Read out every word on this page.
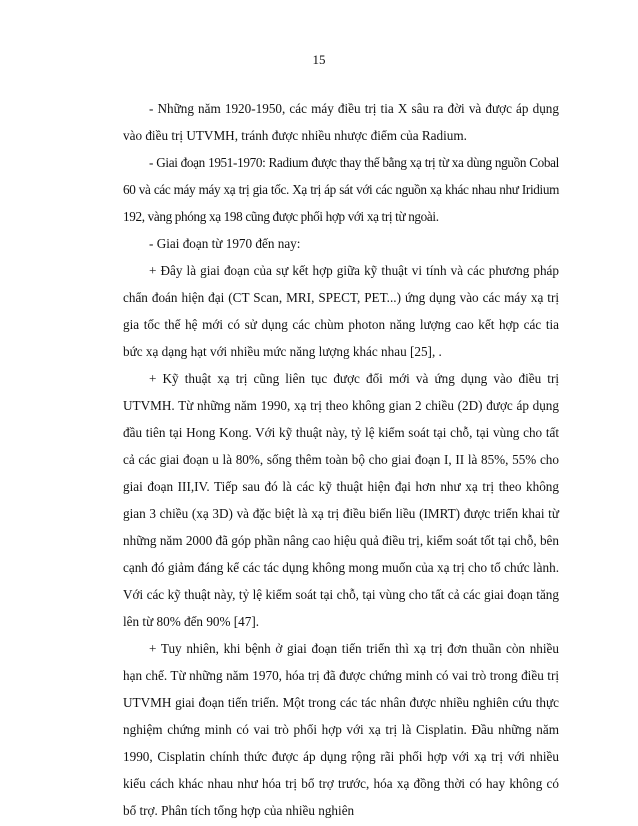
15

- Những năm 1920-1950, các máy điều trị tia X sâu ra đời và được áp dụng vào điều trị UTVMH, tránh được nhiều nhược điểm của Radium.

- Giai đoạn 1951-1970: Radium được thay thế bằng xạ trị từ xa dùng nguồn Cobal 60 và các máy máy xạ trị gia tốc. Xạ trị áp sát với các nguồn xạ khác nhau như Iridium 192, vàng phóng xạ 198 cũng được phối hợp với xạ trị từ ngoài.

- Giai đoạn từ 1970 đến nay:

+ Đây là giai đoạn của sự kết hợp giữa kỹ thuật vi tính và các phương pháp chẩn đoán hiện đại (CT Scan, MRI, SPECT, PET...) ứng dụng vào các máy xạ trị gia tốc thế hệ mới có sử dụng các chùm photon năng lượng cao kết hợp các tia bức xạ dạng hạt với nhiều mức năng lượng khác nhau [25], .

+ Kỹ thuật xạ trị cũng liên tục được đổi mới và ứng dụng vào điều trị UTVMH. Từ những năm 1990, xạ trị theo không gian 2 chiều (2D) được áp dụng đầu tiên tại Hong Kong. Với kỹ thuật này, tỷ lệ kiểm soát tại chỗ, tại vùng cho tất cả các giai đoạn u là 80%, sống thêm toàn bộ cho giai đoạn I, II là 85%, 55% cho giai đoạn III,IV. Tiếp sau đó là các kỹ thuật hiện đại hơn như xạ trị theo không gian 3 chiều (xạ 3D) và đặc biệt là xạ trị điều biến liều (IMRT) được triển khai từ những năm 2000 đã góp phần nâng cao hiệu quả điều trị, kiểm soát tốt tại chỗ, bên cạnh đó giảm đáng kể các tác dụng không mong muốn của xạ trị cho tổ chức lành. Với các kỹ thuật này, tỷ lệ kiểm soát tại chỗ, tại vùng cho tất cả các giai đoạn tăng lên từ 80% đến 90% [47].

+ Tuy nhiên, khi bệnh ở giai đoạn tiến triển thì xạ trị đơn thuần còn nhiều hạn chế. Từ những năm 1970, hóa trị đã được chứng minh có vai trò trong điều trị UTVMH giai đoạn tiến triển. Một trong các tác nhân được nhiều nghiên cứu thực nghiệm chứng minh có vai trò phối hợp với xạ trị là Cisplatin. Đầu những năm 1990, Cisplatin chính thức được áp dụng rộng rãi phối hợp với xạ trị với nhiều kiểu cách khác nhau như hóa trị bổ trợ trước, hóa xạ đồng thời có hay không có bổ trợ. Phân tích tổng hợp của nhiều nghiên
